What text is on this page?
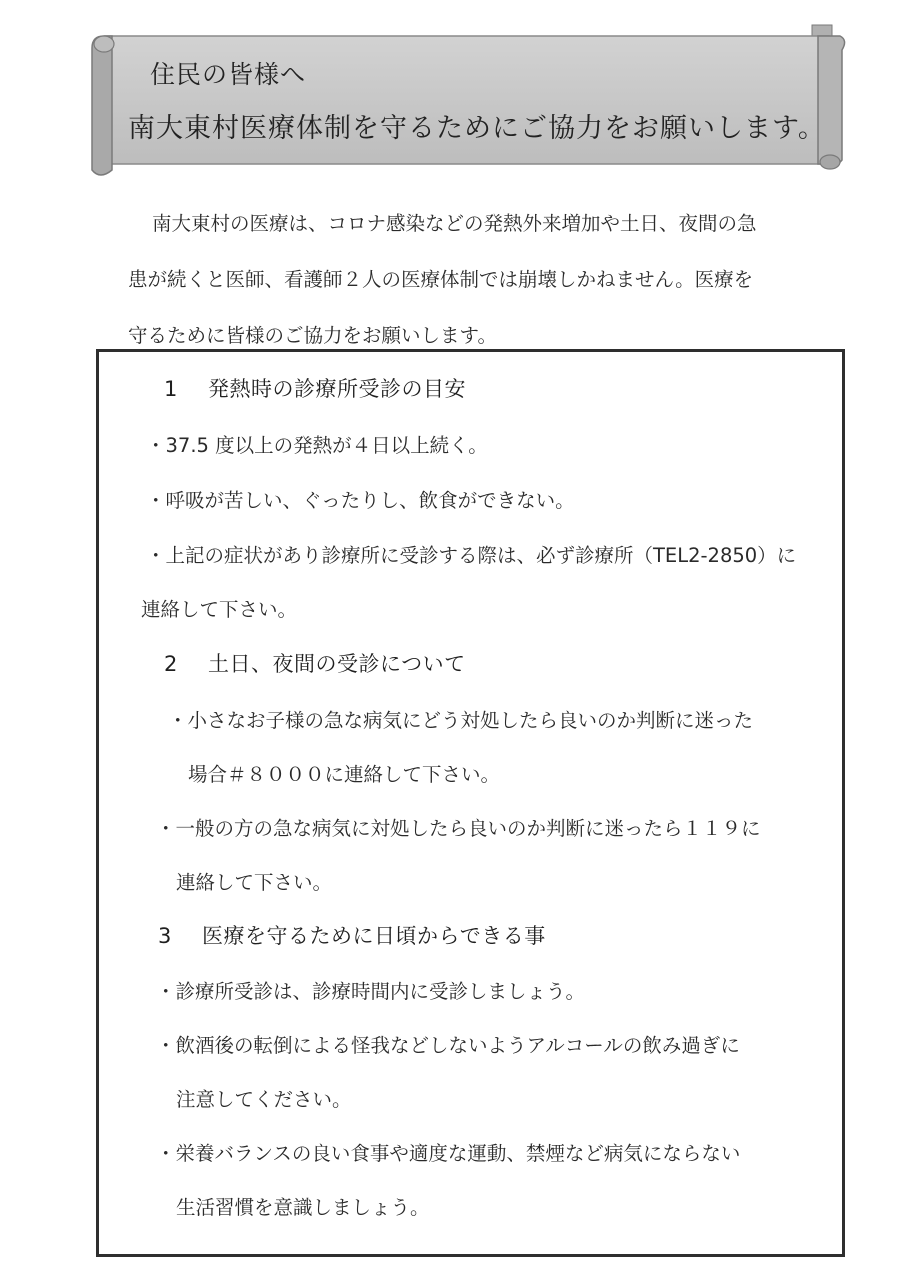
住民の皆様へ
南大東村医療体制を守るためにご協力をお願いします。

南大東村の医療は、コロナ感染などの発熱外来増加や土日、夜間の急

患が続くと医師、看護師２人の医療体制では崩壊しかねません。医療を

守るために皆様のご協力をお願いします。

1 発熱時の診療所受診の目安
・37.5 度以上の発熱が４日以上続く。
・呼吸が苦しい、ぐったりし、飲食ができない。
・上記の症状があり診療所に受診する際は、必ず診療所（TEL2-2850）に
連絡して下さい。
2 土日、夜間の受診について
・小さなお子様の急な病気にどう対処したら良いのか判断に迷った
場合＃８０００に連絡して下さい。
・一般の方の急な病気に対処したら良いのか判断に迷ったら１１９に
連絡して下さい。
3 医療を守るために日頃からできる事
・診療所受診は、診療時間内に受診しましょう。
・飲酒後の転倒による怪我などしないようアルコールの飲み過ぎに
注意してください。
・栄養バランスの良い食事や適度な運動、禁煙など病気にならない
生活習慣を意識しましょう。
